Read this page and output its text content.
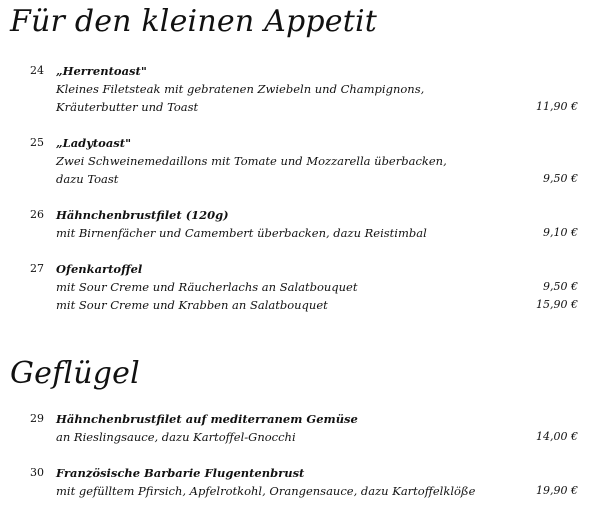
Für den kleinen Appetit
24	„Herrentoast"
Kleines Filetsteak mit gebratenen Zwiebeln und Champignons,
Kräuterbutter und Toast	11,90 €
25	„Ladytoast"
Zwei Schweinemedaillons mit Tomate und Mozzarella überbacken,
dazu Toast	9,50 €
26	Hähnchenbrustfilet (120g)
mit Birnenfächer und Camembert überbacken, dazu Reistimbal	9,10 €
27	Ofenkartoffel
mit Sour Creme und Räucherlachs an Salatbouquet	9,50 €
mit Sour Creme und Krabben an Salatbouquet	15,90 €
Geflügel
29	Hähnchenbrustfilet auf mediterranem Gemüse
an Rieslingsauce, dazu Kartoffel-Gnocchi	14,00 €
30	Französische Barbarie Flugentenbrust
mit gefülltem Pfirsich, Apfelrotkohl, Orangensauce, dazu Kartoffelklöße	19,90 €
